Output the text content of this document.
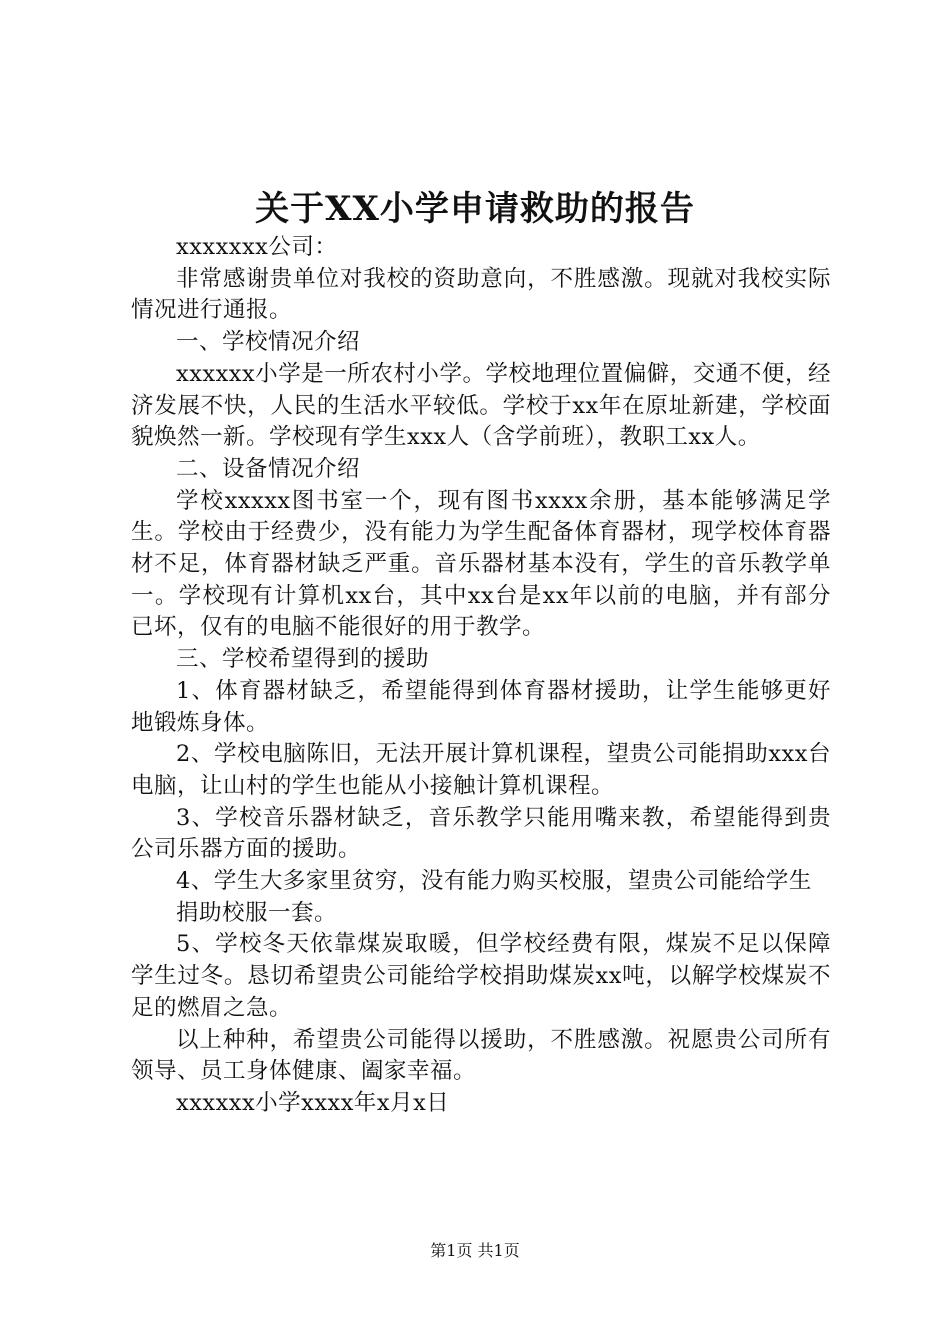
关于XX小学申请救助的报告

xxxxxxx公司：

非常感谢贵单位对我校的资助意向，不胜感激。现就对我校实际情况进行通报。

一、学校情况介绍

xxxxxx小学是一所农村小学。学校地理位置偏僻，交通不便，经济发展不快，人民的生活水平较低。学校于xx年在原址新建，学校面貌焕然一新。学校现有学生xxx人（含学前班），教职工xx人。

二、设备情况介绍

学校xxxxx图书室一个，现有图书xxxx余册，基本能够满足学生。学校由于经费少，没有能力为学生配备体育器材，现学校体育器材不足，体育器材缺乏严重。音乐器材基本没有，学生的音乐教学单一。学校现有计算机xx台，其中xx台是xx年以前的电脑，并有部分已坏，仅有的电脑不能很好的用于教学。

三、学校希望得到的援助

1、体育器材缺乏，希望能得到体育器材援助，让学生能够更好地锻炼身体。

2、学校电脑陈旧，无法开展计算机课程，望贵公司能捐助xxx台电脑，让山村的学生也能从小接触计算机课程。

3、学校音乐器材缺乏，音乐教学只能用嘴来教，希望能得到贵公司乐器方面的援助。

4、学生大多家里贫穷，没有能力购买校服，望贵公司能给学生

捐助校服一套。

5、学校冬天依靠煤炭取暖，但学校经费有限，煤炭不足以保障学生过冬。恳切希望贵公司能给学校捐助煤炭xx吨，以解学校煤炭不足的燃眉之急。

以上种种，希望贵公司能得以援助，不胜感激。祝愿贵公司所有领导、员工身体健康、阖家幸福。

xxxxxx小学xxxx年x月x日

第1页 共1页
